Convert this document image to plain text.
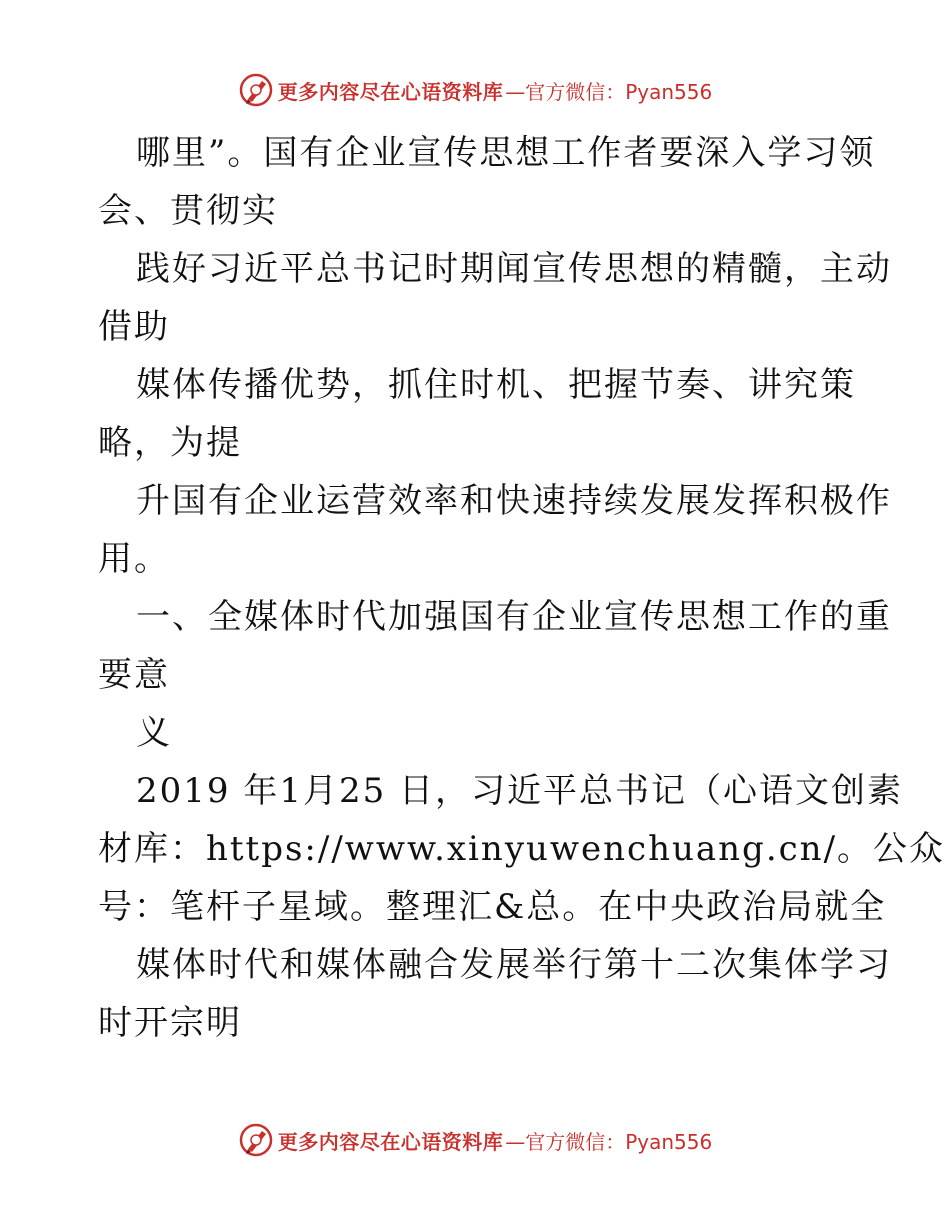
更多内容尽在心语资料库 —官方微信：Pyan556
哪里”。国有企业宣传思想工作者要深入学习领
会、贯彻实
践好习近平总书记时期闻宣传思想的精髓，主动
借助
媒体传播优势，抓住时机、把握节奏、讲究策
略，为提
升国有企业运营效率和快速持续发展发挥积极作
用。
一、全媒体时代加强国有企业宣传思想工作的重
要意
义
2019 年1月25 日，习近平总书记（心语文创素
材库：https://www.xinyuwenchuang.cn/。公众
号：笔杆子星域。整理汇&总。在中央政治局就全
媒体时代和媒体融合发展举行第十二次集体学习
时开宗明
更多内容尽在心语资料库 —官方微信：Pyan556
